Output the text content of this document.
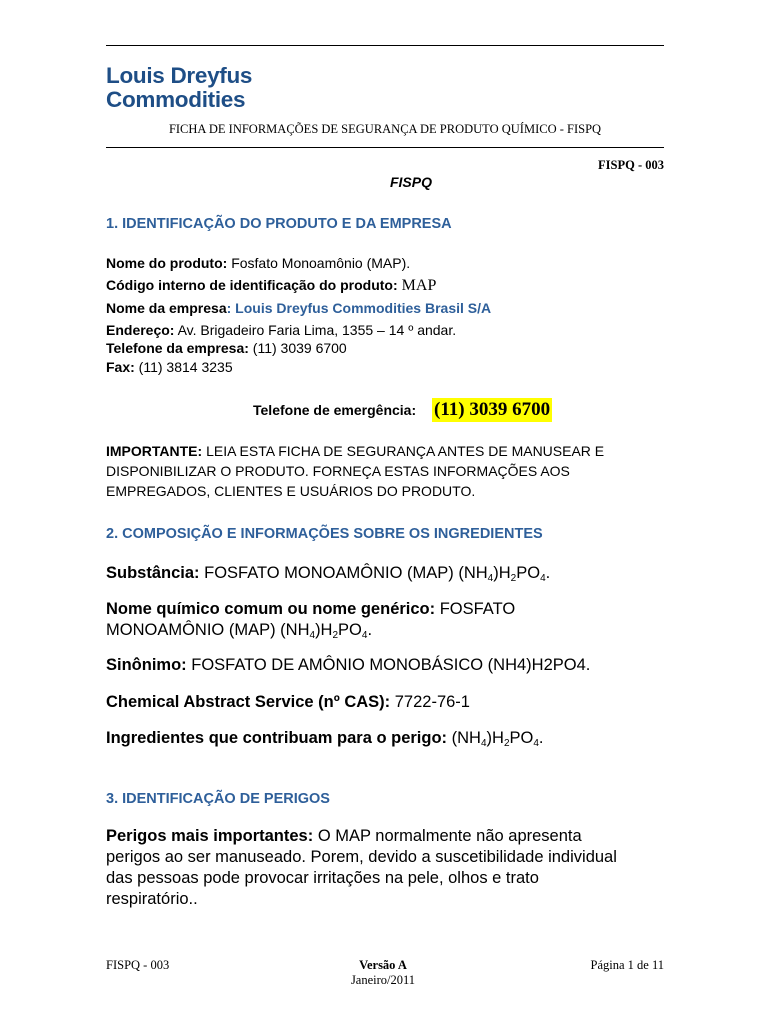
Louis Dreyfus
Commodities
FICHA DE INFORMAÇÕES DE SEGURANÇA DE PRODUTO QUÍMICO - FISPQ
FISPQ - 003
FISPQ
1. IDENTIFICAÇÃO DO PRODUTO E DA EMPRESA
Nome do produto: Fosfato Monoamônio (MAP).
Código interno de identificação do produto: MAP
Nome da empresa: Louis Dreyfus Commodities Brasil S/A
Endereço: Av. Brigadeiro Faria Lima, 1355 – 14 º andar.
Telefone da empresa: (11) 3039 6700
Fax: (11) 3814 3235
Telefone de emergência: (11) 3039 6700
IMPORTANTE: LEIA ESTA FICHA DE SEGURANÇA ANTES DE MANUSEAR E
DISPONIBILIZAR O PRODUTO. FORNEÇA ESTAS INFORMAÇÕES AOS
EMPREGADOS, CLIENTES E USUÁRIOS DO PRODUTO.
2. COMPOSIÇÃO E INFORMAÇÕES SOBRE OS INGREDIENTES
Substância: FOSFATO MONOAMÔNIO (MAP) $(NH_4)H_2PO_4$.
Nome químico comum ou nome genérico: FOSFATO
MONOAMÔNIO (MAP) $(NH_4)H_2PO_4$.
Sinônimo: FOSFATO DE AMÔNIO MONOBÁSICO (NH4)H2PO4.
Chemical Abstract Service (nº CAS): 7722-76-1
Ingredientes que contribuam para o perigo: $(NH_4)H_2PO_4$.
3. IDENTIFICAÇÃO DE PERIGOS
Perigos mais importantes: O MAP normalmente não apresenta
perigos ao ser manuseado. Porem, devido a suscetibilidade individual
das pessoas pode provocar irritações na pele, olhos e trato
respiratório..
FISPQ - 003	Versão A
Janeiro/2011
Página 1 de 11
